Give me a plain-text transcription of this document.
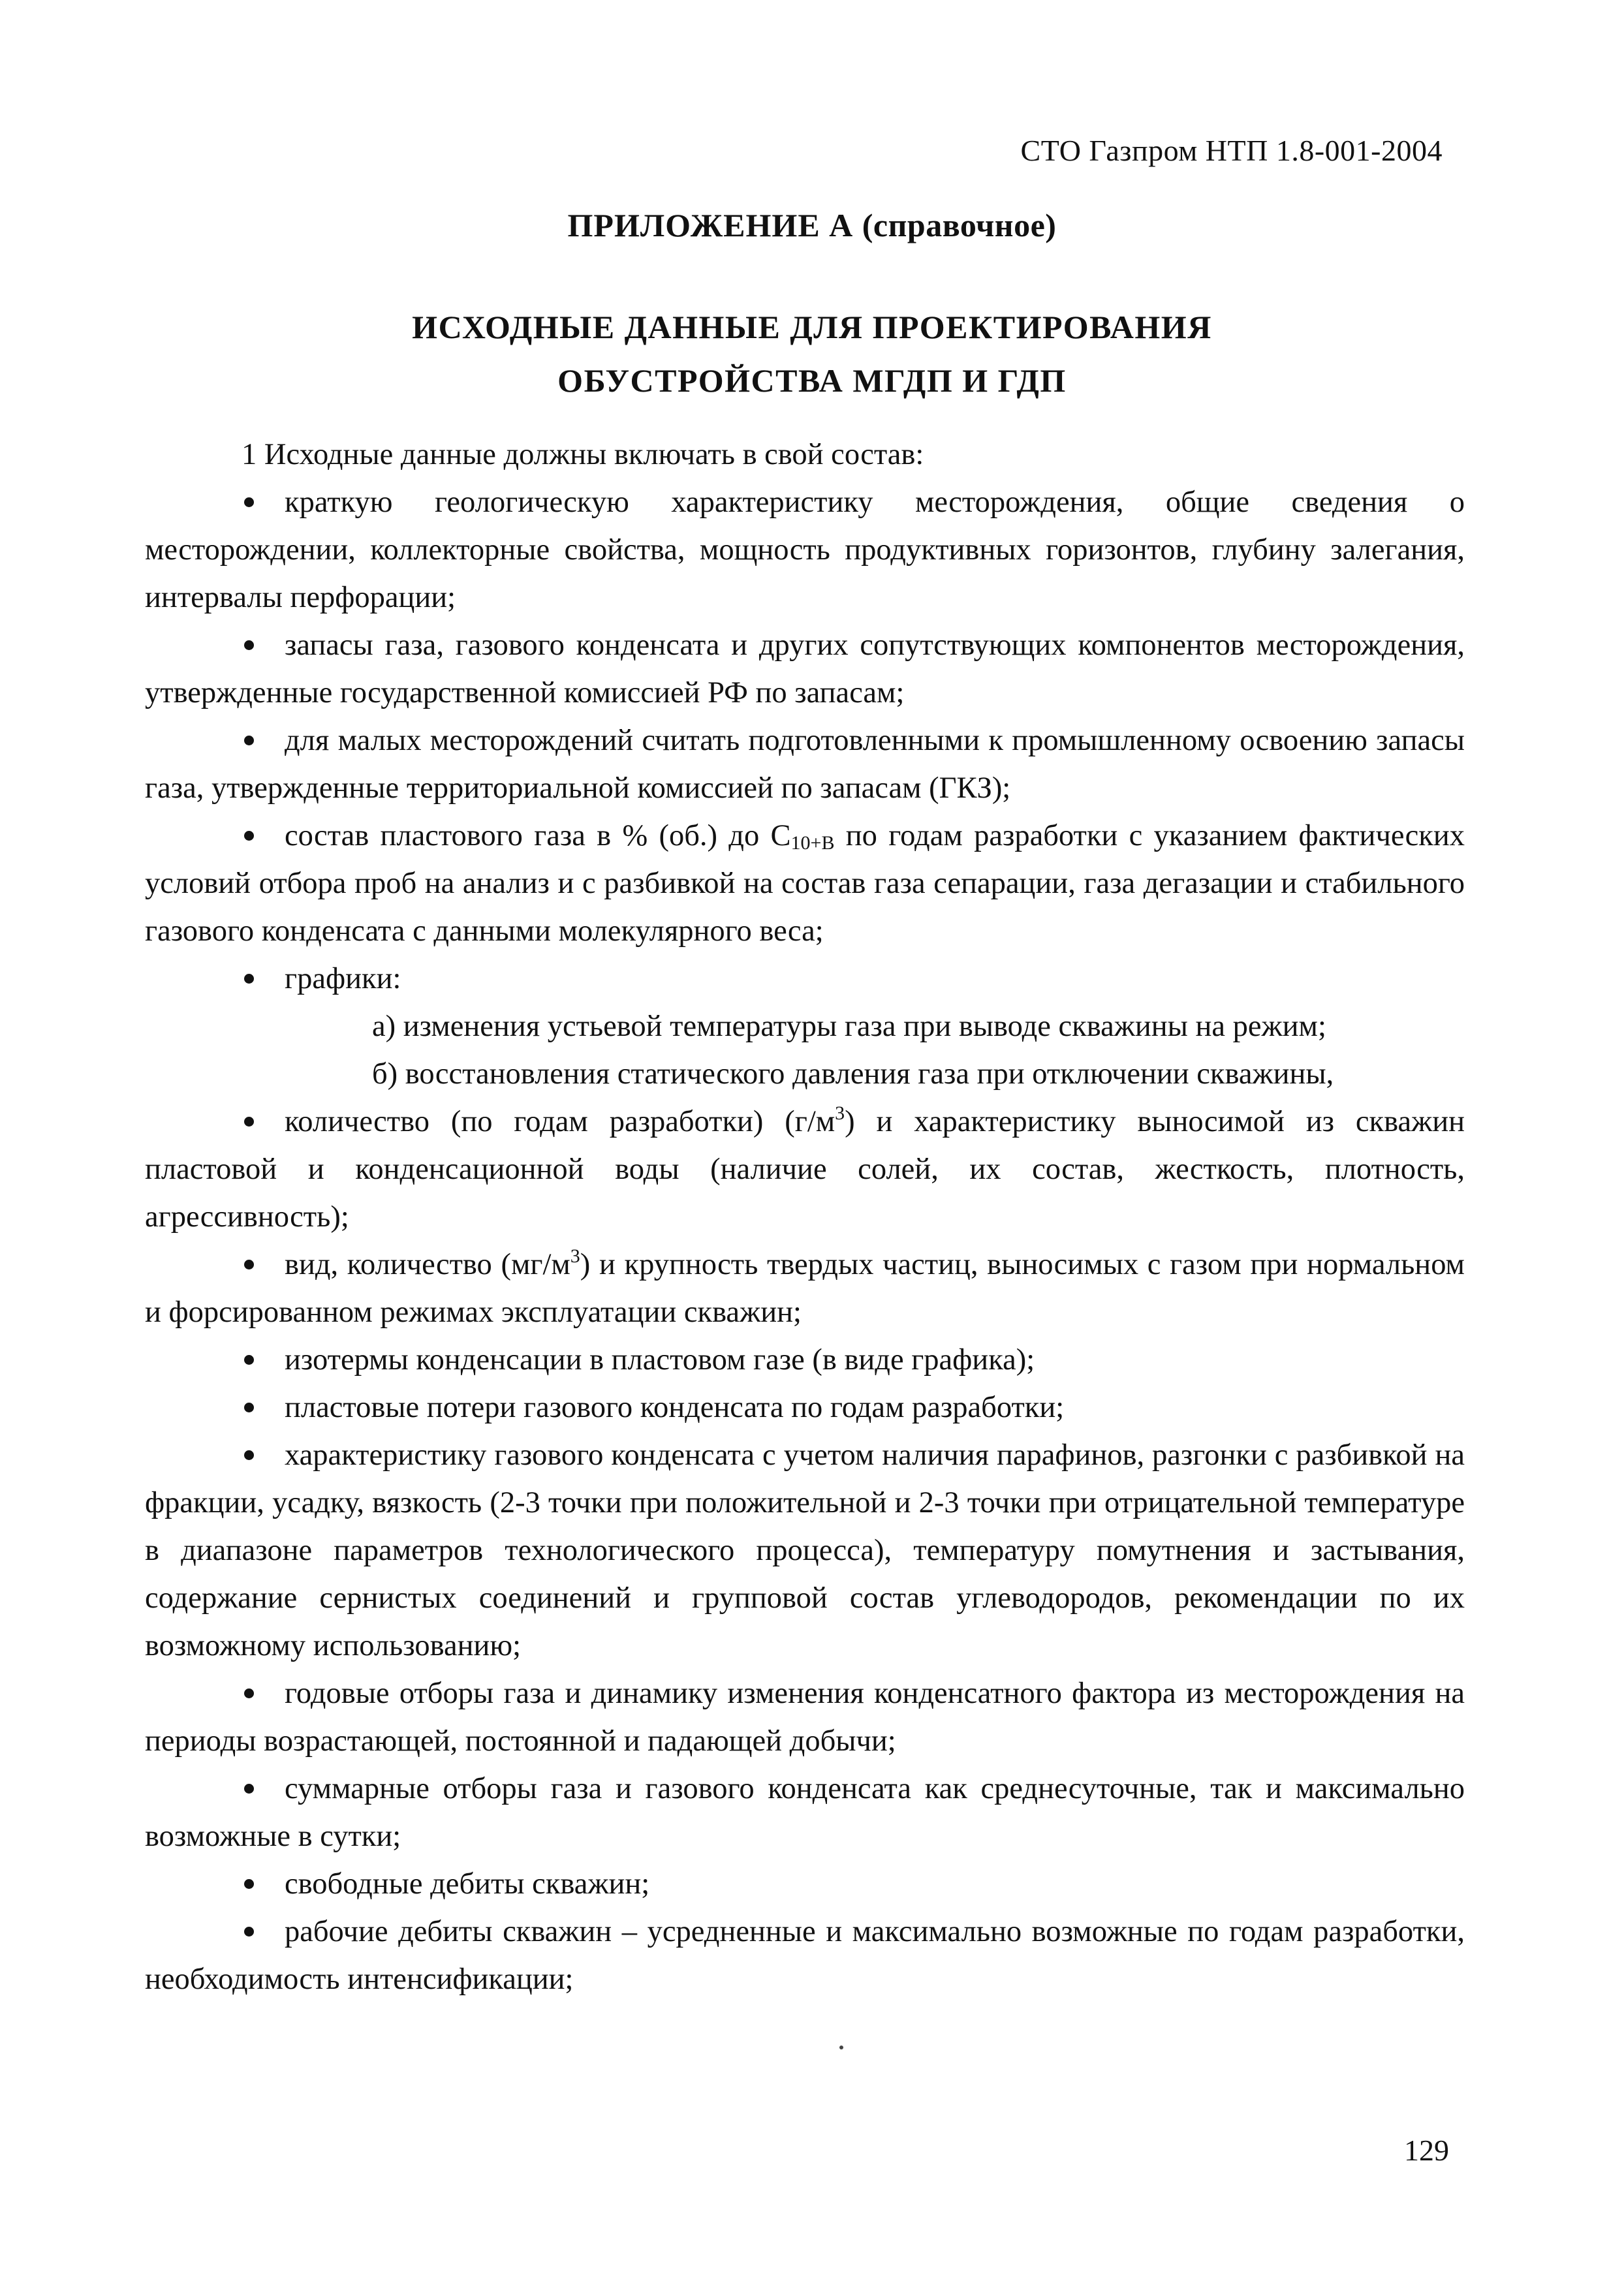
СТО Газпром НТП 1.8-001-2004
ПРИЛОЖЕНИЕ А (справочное)
ИСХОДНЫЕ ДАННЫЕ ДЛЯ ПРОЕКТИРОВАНИЯ
ОБУСТРОЙСТВА МГДП И ГДП

1 Исходные данные должны включать в свой состав:

краткую геологическую характеристику месторождения, общие сведения о месторождении, коллекторные свойства, мощность продуктивных горизонтов, глубину залегания, интервалы перфорации;

запасы газа, газового конденсата и других сопутствующих компонентов месторождения, утвержденные государственной комиссией РФ по запасам;

для малых месторождений считать подготовленными к промышленному освоению запасы газа, утвержденные территориальной комиссией по запасам (ГКЗ);

состав пластового газа в % (об.) до $C_{10+В}$ по годам разработки с указанием фактических условий отбора проб на анализ и с разбивкой на состав газа сепарации, газа дегазации и стабильного газового конденсата с данными молекулярного веса;

графики:

а) изменения устьевой температуры газа при выводе скважины на режим;

б) восстановления статического давления газа при отключении скважины,

количество (по годам разработки) $(г/м^3)$ и характеристику выносимой из скважин пластовой и конденсационной воды (наличие солей, их состав, жесткость, плотность, агрессивность);

вид, количество $(мг/м^3)$ и крупность твердых частиц, выносимых с газом при нормальном и форсированном режимах эксплуатации скважин;

изотермы конденсации в пластовом газе (в виде графика);

пластовые потери газового конденсата по годам разработки;

характеристику газового конденсата с учетом наличия парафинов, разгонки с разбивкой на фракции, усадку, вязкость (2-3 точки при положительной и 2-3 точки при отрицательной температуре в диапазоне параметров технологического процесса), температуру помутнения и застывания, содержание сернистых соединений и групповой состав углеводородов, рекомендации по их возможному использованию;

годовые отборы газа и динамику изменения конденсатного фактора из месторождения на периоды возрастающей, постоянной и падающей добычи;

суммарные отборы газа и газового конденсата как среднесуточные, так и максимально возможные в сутки;

свободные дебиты скважин;

рабочие дебиты скважин – усредненные и максимально возможные по годам разработки, необходимость интенсификации;

129
